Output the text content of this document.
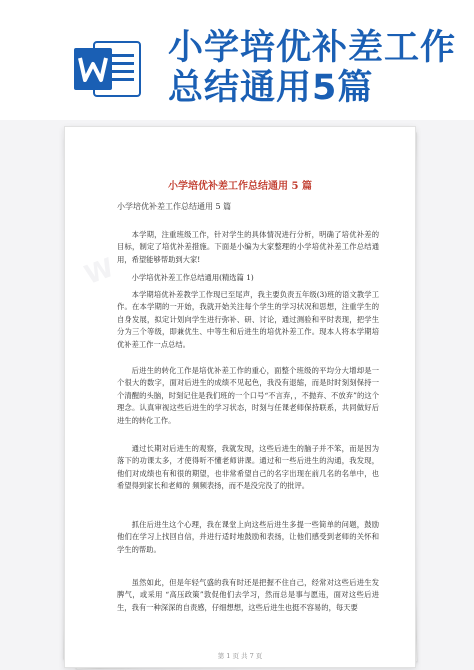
小学培优补差工作
总结通用5篇
W
小学培优补差工作总结通用 5 篇
小学培优补差工作总结通用 5 篇

本学期，注重班级工作，针对学生的具体情况进行分析，明确了培优补差的目标，制定了培优补差措施。下面是小编为大家整理的小学培优补差工作总结通用，希望能够帮助到大家!

小学培优补差工作总结通用(精选篇 1)

本学期培优补差教学工作现已至尾声，我主要负责五年级(3)班的语文教学工作。在本学期的一开始，我就开始关注每个学生的学习状况和思想，注重学生的自身发展，拟定计划向学生进行弥补、研、讨论，通过测验和平时表现，把学生分为三个等级，即兼优生、中等生和后进生的培优补差工作。现本人将本学期培优补差工作一点总结。

后进生的转化工作是培优补差工作的重心，面整个班级的平均分大增却是一个很大的数字，面对后进生的成绩不见起色，我没有退缩，而是时时刻刻保持一个清醒的头脑，时刻记住是我们班的一个口号“不言弃，，不抛弃、不放弃”的这个理念。认真审视这些后进生的学习状态，时刻与任课老师保持联系，共同做好后进生的转化工作。

通过长期对后进生的观察，我就发现，这些后进生的脑子并不笨，而是因为落下的功课太多，才使得听不懂老师讲课。通过和一些后进生的沟通，我发现，他们对成绩也有和很的期望，也非常希望自己的名字出现在前几名的名单中，也希望得到家长和老师的 频频表扬，而不是没完没了的批评。

抓住后进生这个心理，我在课堂上向这些后进生多提一些简单的问题，鼓励他们在学习上找回自信，并进行适时地鼓励和表扬，让他们感受到老师的关怀和学生的帮助。

虽然如此，但是年轻气盛的我有时还是把握不住自己，经常对这些后进生发脾气，或采用 “高压政策”敦促他们去学习，然而总是事与愿违，面对这些后进生，我有一种深深的自责感，仔细想想，这些后进生也挺不容易的，每天要

第 1 页 共 7 页
